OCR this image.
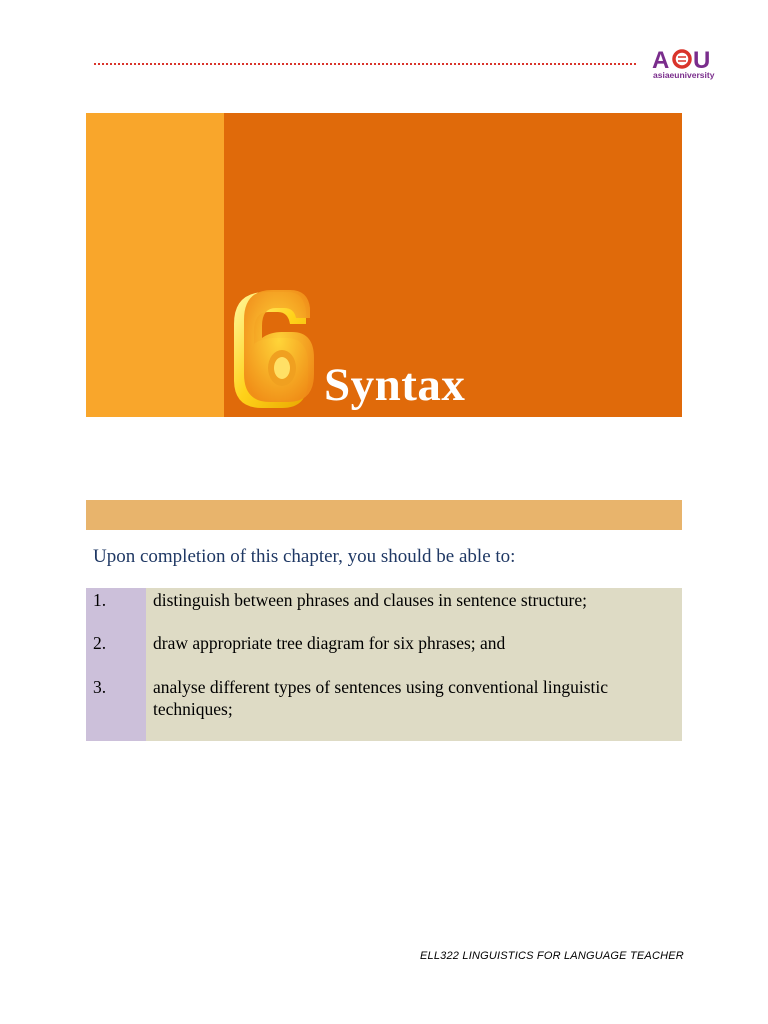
A U
asiaeuniversity
Syntax
Upon completion of this chapter, you should be able to:
1.	distinguish between phrases and clauses in sentence structure;
2.	draw appropriate tree diagram for six phrases; and
3.	analyse different types of sentences using conventional linguistic techniques;
ELL322 LINGUISTICS FOR LANGUAGE TEACHER
